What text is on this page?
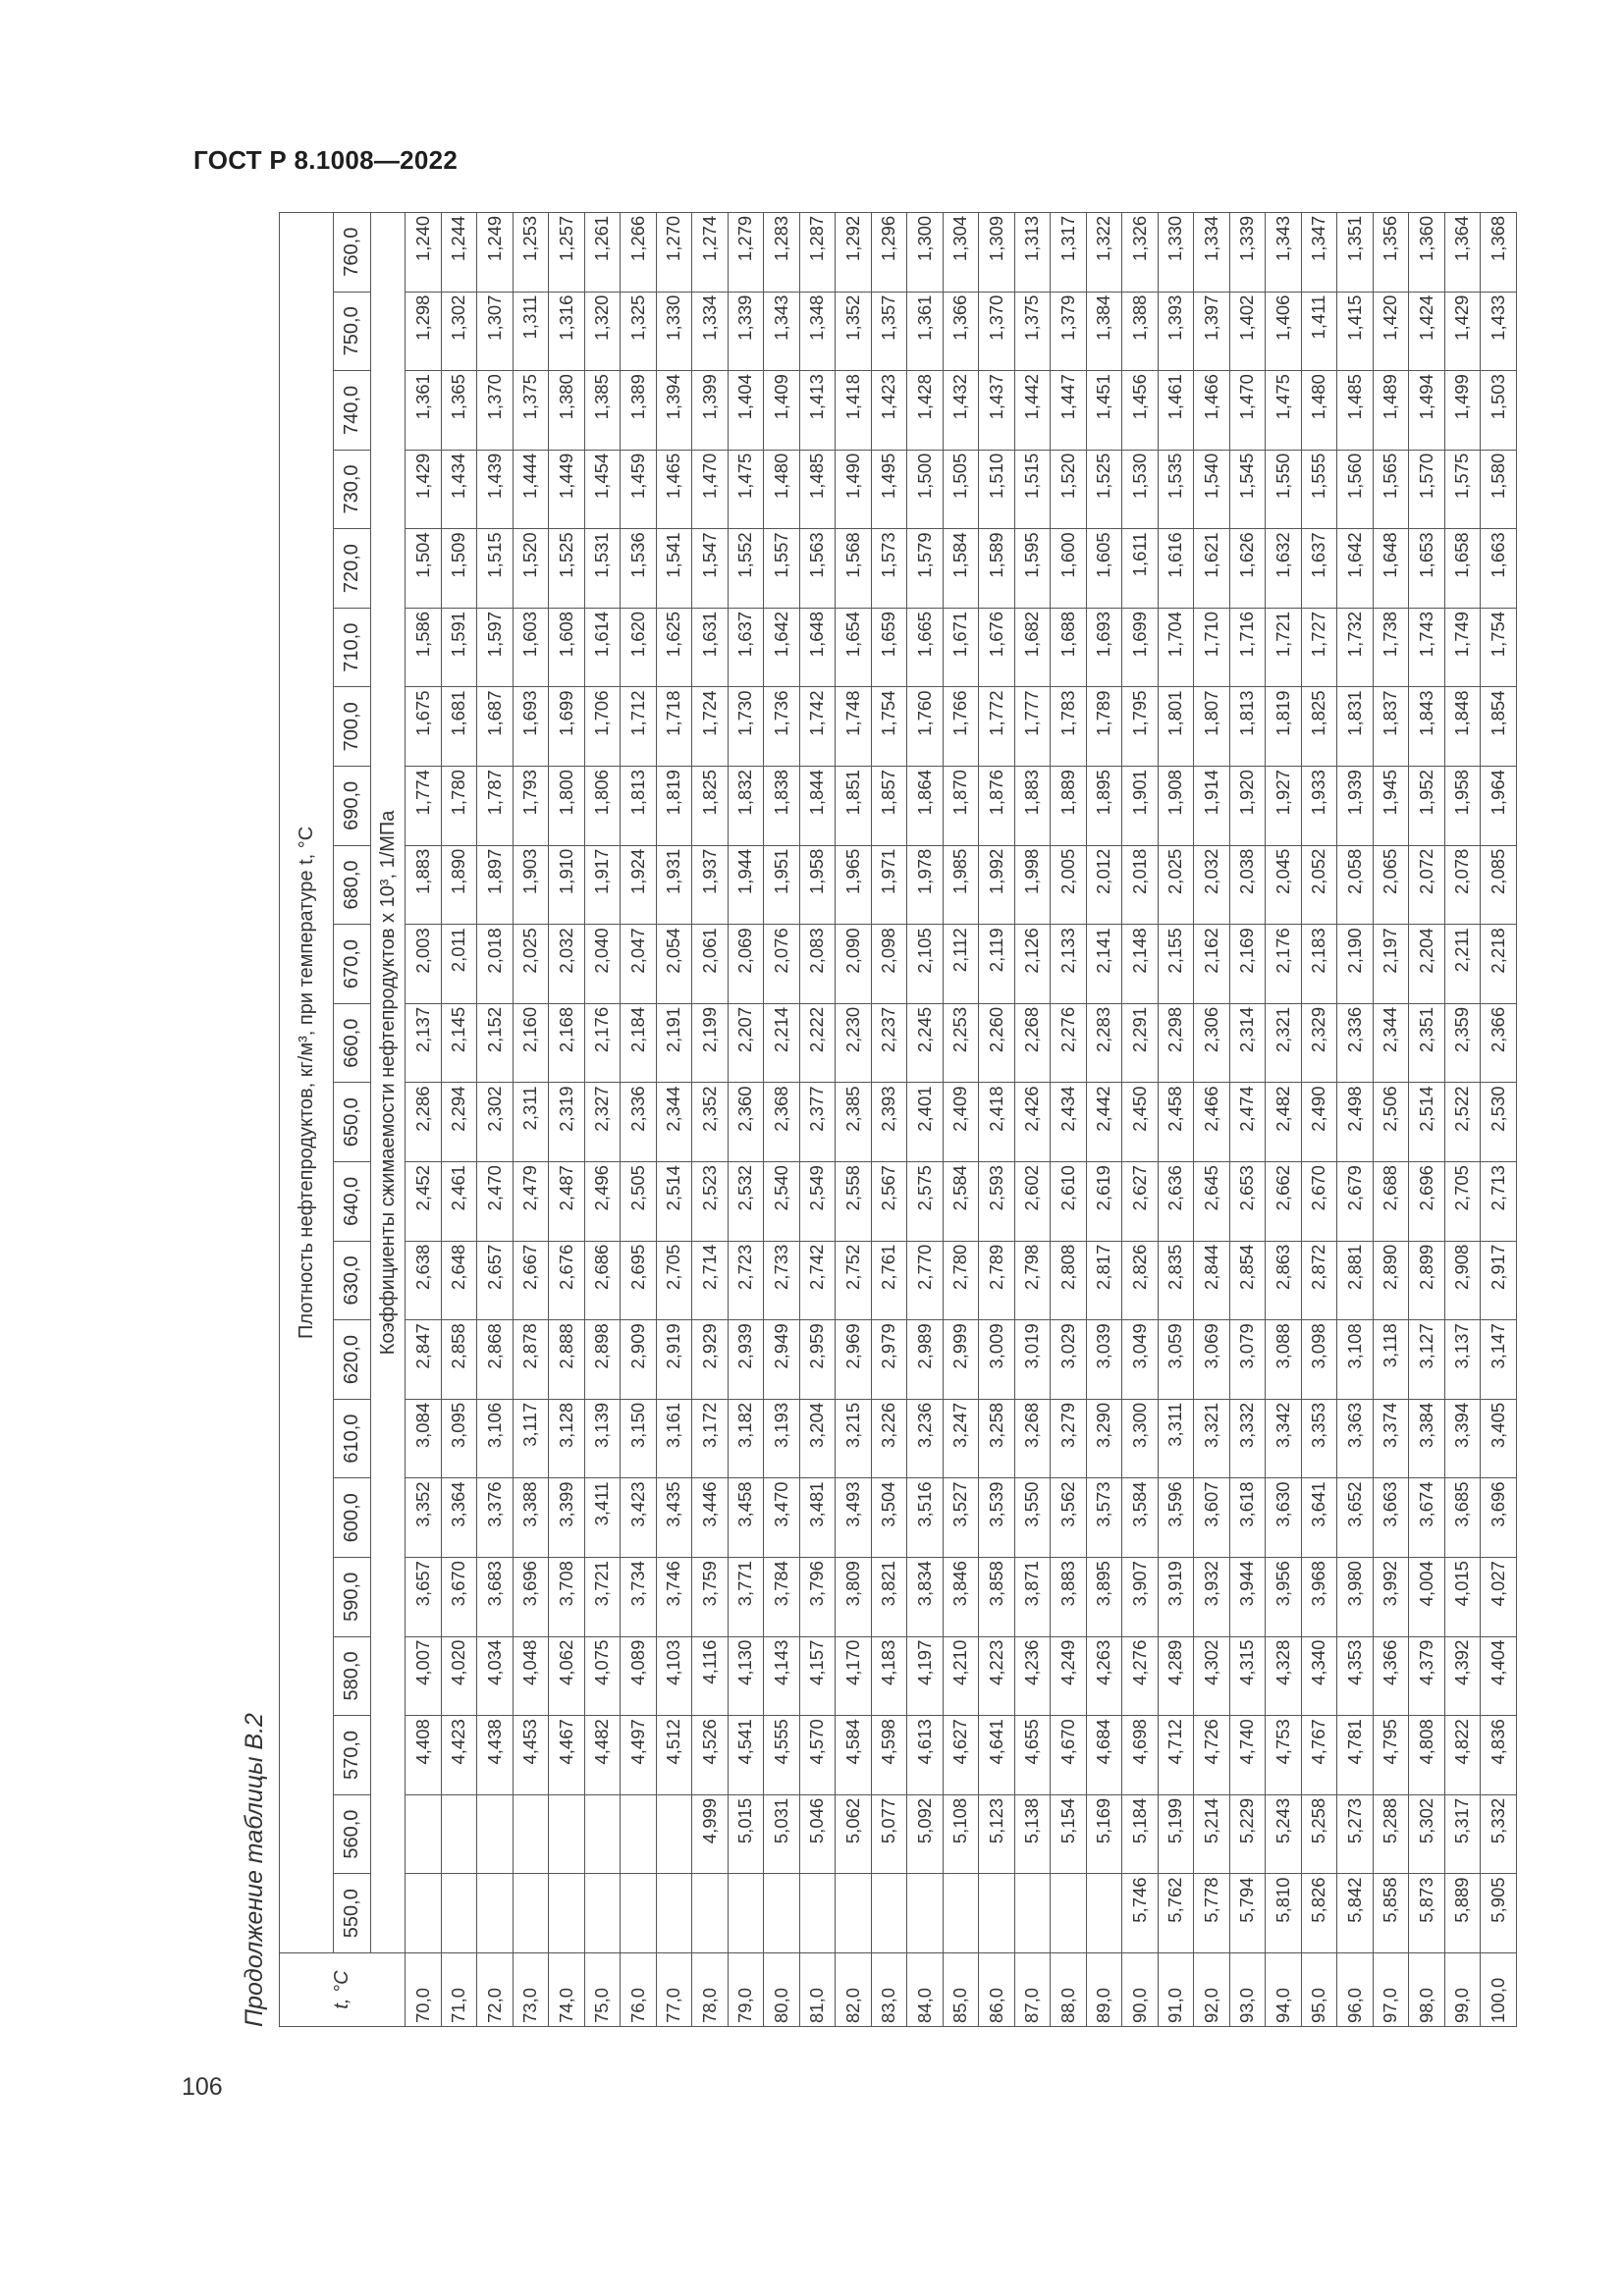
ГОСТ Р 8.1008—2022
106
Продолжение таблицы В.2	t, °C	Плотность нефтепродуктов, кг/м³, при температуре t, °C																					
	550,0	560,0	570,0	580,0	590,0	600,0	610,0	620,0	630,0	640,0	650,0	660,0	670,0	680,0	690,0	700,0	710,0	720,0	730,0	740,0	750,0	760,0
	Коэффициенты сжимаемости нефтепродуктов x 10³, 1/МПа																					
70,0			4,408	4,007	3,657	3,352	3,084	2,847	2,638	2,452	2,286	2,137	2,003	1,883	1,774	1,675	1,586	1,504	1,429	1,361	1,298	1,240
71,0			4,423	4,020	3,670	3,364	3,095	2,858	2,648	2,461	2,294	2,145	2,011	1,890	1,780	1,681	1,591	1,509	1,434	1,365	1,302	1,244
72,0			4,438	4,034	3,683	3,376	3,106	2,868	2,657	2,470	2,302	2,152	2,018	1,897	1,787	1,687	1,597	1,515	1,439	1,370	1,307	1,249
73,0			4,453	4,048	3,696	3,388	3,117	2,878	2,667	2,479	2,311	2,160	2,025	1,903	1,793	1,693	1,603	1,520	1,444	1,375	1,311	1,253
74,0			4,467	4,062	3,708	3,399	3,128	2,888	2,676	2,487	2,319	2,168	2,032	1,910	1,800	1,699	1,608	1,525	1,449	1,380	1,316	1,257
75,0			4,482	4,075	3,721	3,411	3,139	2,898	2,686	2,496	2,327	2,176	2,040	1,917	1,806	1,706	1,614	1,531	1,454	1,385	1,320	1,261
76,0			4,497	4,089	3,734	3,423	3,150	2,909	2,695	2,505	2,336	2,184	2,047	1,924	1,813	1,712	1,620	1,536	1,459	1,389	1,325	1,266
77,0			4,512	4,103	3,746	3,435	3,161	2,919	2,705	2,514	2,344	2,191	2,054	1,931	1,819	1,718	1,625	1,541	1,465	1,394	1,330	1,270
78,0		4,999	4,526	4,116	3,759	3,446	3,172	2,929	2,714	2,523	2,352	2,199	2,061	1,937	1,825	1,724	1,631	1,547	1,470	1,399	1,334	1,274
79,0		5,015	4,541	4,130	3,771	3,458	3,182	2,939	2,723	2,532	2,360	2,207	2,069	1,944	1,832	1,730	1,637	1,552	1,475	1,404	1,339	1,279
80,0		5,031	4,555	4,143	3,784	3,470	3,193	2,949	2,733	2,540	2,368	2,214	2,076	1,951	1,838	1,736	1,642	1,557	1,480	1,409	1,343	1,283
81,0		5,046	4,570	4,157	3,796	3,481	3,204	2,959	2,742	2,549	2,377	2,222	2,083	1,958	1,844	1,742	1,648	1,563	1,485	1,413	1,348	1,287
82,0		5,062	4,584	4,170	3,809	3,493	3,215	2,969	2,752	2,558	2,385	2,230	2,090	1,965	1,851	1,748	1,654	1,568	1,490	1,418	1,352	1,292
83,0		5,077	4,598	4,183	3,821	3,504	3,226	2,979	2,761	2,567	2,393	2,237	2,098	1,971	1,857	1,754	1,659	1,573	1,495	1,423	1,357	1,296
84,0		5,092	4,613	4,197	3,834	3,516	3,236	2,989	2,770	2,575	2,401	2,245	2,105	1,978	1,864	1,760	1,665	1,579	1,500	1,428	1,361	1,300
85,0		5,108	4,627	4,210	3,846	3,527	3,247	2,999	2,780	2,584	2,409	2,253	2,112	1,985	1,870	1,766	1,671	1,584	1,505	1,432	1,366	1,304
86,0		5,123	4,641	4,223	3,858	3,539	3,258	3,009	2,789	2,593	2,418	2,260	2,119	1,992	1,876	1,772	1,676	1,589	1,510	1,437	1,370	1,309
87,0		5,138	4,655	4,236	3,871	3,550	3,268	3,019	2,798	2,602	2,426	2,268	2,126	1,998	1,883	1,777	1,682	1,595	1,515	1,442	1,375	1,313
88,0		5,154	4,670	4,249	3,883	3,562	3,279	3,029	2,808	2,610	2,434	2,276	2,133	2,005	1,889	1,783	1,688	1,600	1,520	1,447	1,379	1,317
89,0		5,169	4,684	4,263	3,895	3,573	3,290	3,039	2,817	2,619	2,442	2,283	2,141	2,012	1,895	1,789	1,693	1,605	1,525	1,451	1,384	1,322
90,0	5,746	5,184	4,698	4,276	3,907	3,584	3,300	3,049	2,826	2,627	2,450	2,291	2,148	2,018	1,901	1,795	1,699	1,611	1,530	1,456	1,388	1,326
91,0	5,762	5,199	4,712	4,289	3,919	3,596	3,311	3,059	2,835	2,636	2,458	2,298	2,155	2,025	1,908	1,801	1,704	1,616	1,535	1,461	1,393	1,330
92,0	5,778	5,214	4,726	4,302	3,932	3,607	3,321	3,069	2,844	2,645	2,466	2,306	2,162	2,032	1,914	1,807	1,710	1,621	1,540	1,466	1,397	1,334
93,0	5,794	5,229	4,740	4,315	3,944	3,618	3,332	3,079	2,854	2,653	2,474	2,314	2,169	2,038	1,920	1,813	1,716	1,626	1,545	1,470	1,402	1,339
94,0	5,810	5,243	4,753	4,328	3,956	3,630	3,342	3,088	2,863	2,662	2,482	2,321	2,176	2,045	1,927	1,819	1,721	1,632	1,550	1,475	1,406	1,343
95,0	5,826	5,258	4,767	4,340	3,968	3,641	3,353	3,098	2,872	2,670	2,490	2,329	2,183	2,052	1,933	1,825	1,727	1,637	1,555	1,480	1,411	1,347
96,0	5,842	5,273	4,781	4,353	3,980	3,652	3,363	3,108	2,881	2,679	2,498	2,336	2,190	2,058	1,939	1,831	1,732	1,642	1,560	1,485	1,415	1,351
97,0	5,858	5,288	4,795	4,366	3,992	3,663	3,374	3,118	2,890	2,688	2,506	2,344	2,197	2,065	1,945	1,837	1,738	1,648	1,565	1,489	1,420	1,356
98,0	5,873	5,302	4,808	4,379	4,004	3,674	3,384	3,127	2,899	2,696	2,514	2,351	2,204	2,072	1,952	1,843	1,743	1,653	1,570	1,494	1,424	1,360
99,0	5,889	5,317	4,822	4,392	4,015	3,685	3,394	3,137	2,908	2,705	2,522	2,359	2,211	2,078	1,958	1,848	1,749	1,658	1,575	1,499	1,429	1,364
100,0	5,905	5,332	4,836	4,404	4,027	3,696	3,405	3,147	2,917	2,713	2,530	2,366	2,218	2,085	1,964	1,854	1,754	1,663	1,580	1,503	1,433	1,368
